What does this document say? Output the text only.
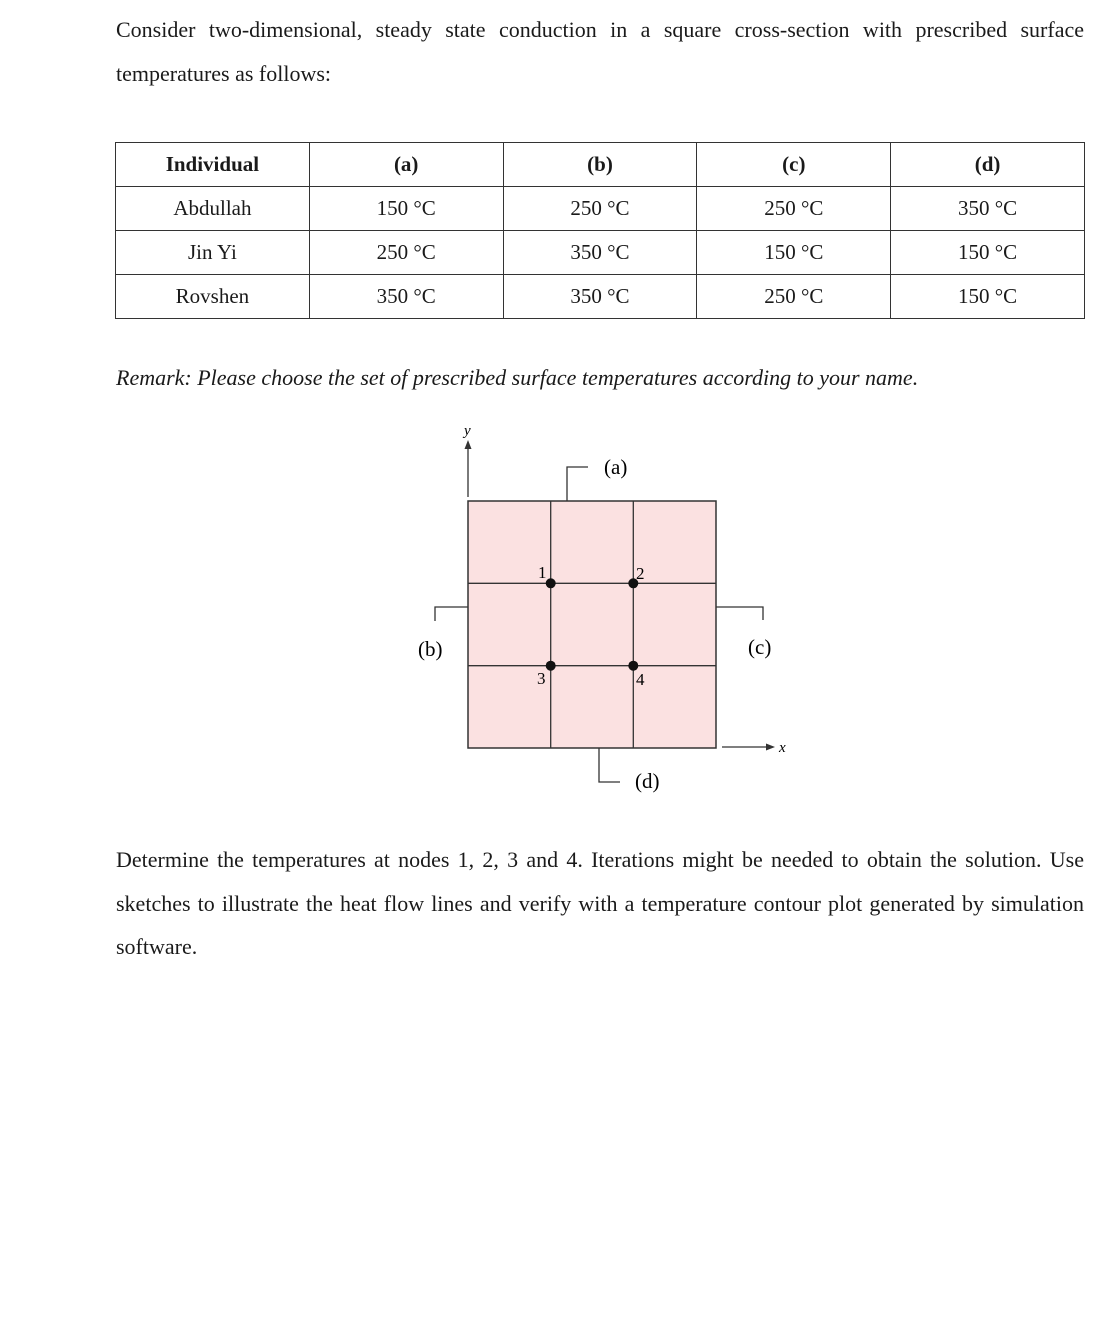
Consider two-dimensional, steady state conduction in a square cross-section with prescribed surface temperatures as follows:

Individual	(a)	(b)	(c)	(d)
Abdullah	150 °C	250 °C	250 °C	350 °C
Jin Yi	250 °C	350 °C	150 °C	150 °C
Rovshen	350 °C	350 °C	250 °C	150 °C

Remark: Please choose the set of prescribed surface temperatures according to your name.

y
x
(a)
(b)	(c)
(d)
1	2
3	4

Determine the temperatures at nodes 1, 2, 3 and 4. Iterations might be needed to obtain the solution. Use sketches to illustrate the heat flow lines and verify with a temperature contour plot generated by simulation software.
